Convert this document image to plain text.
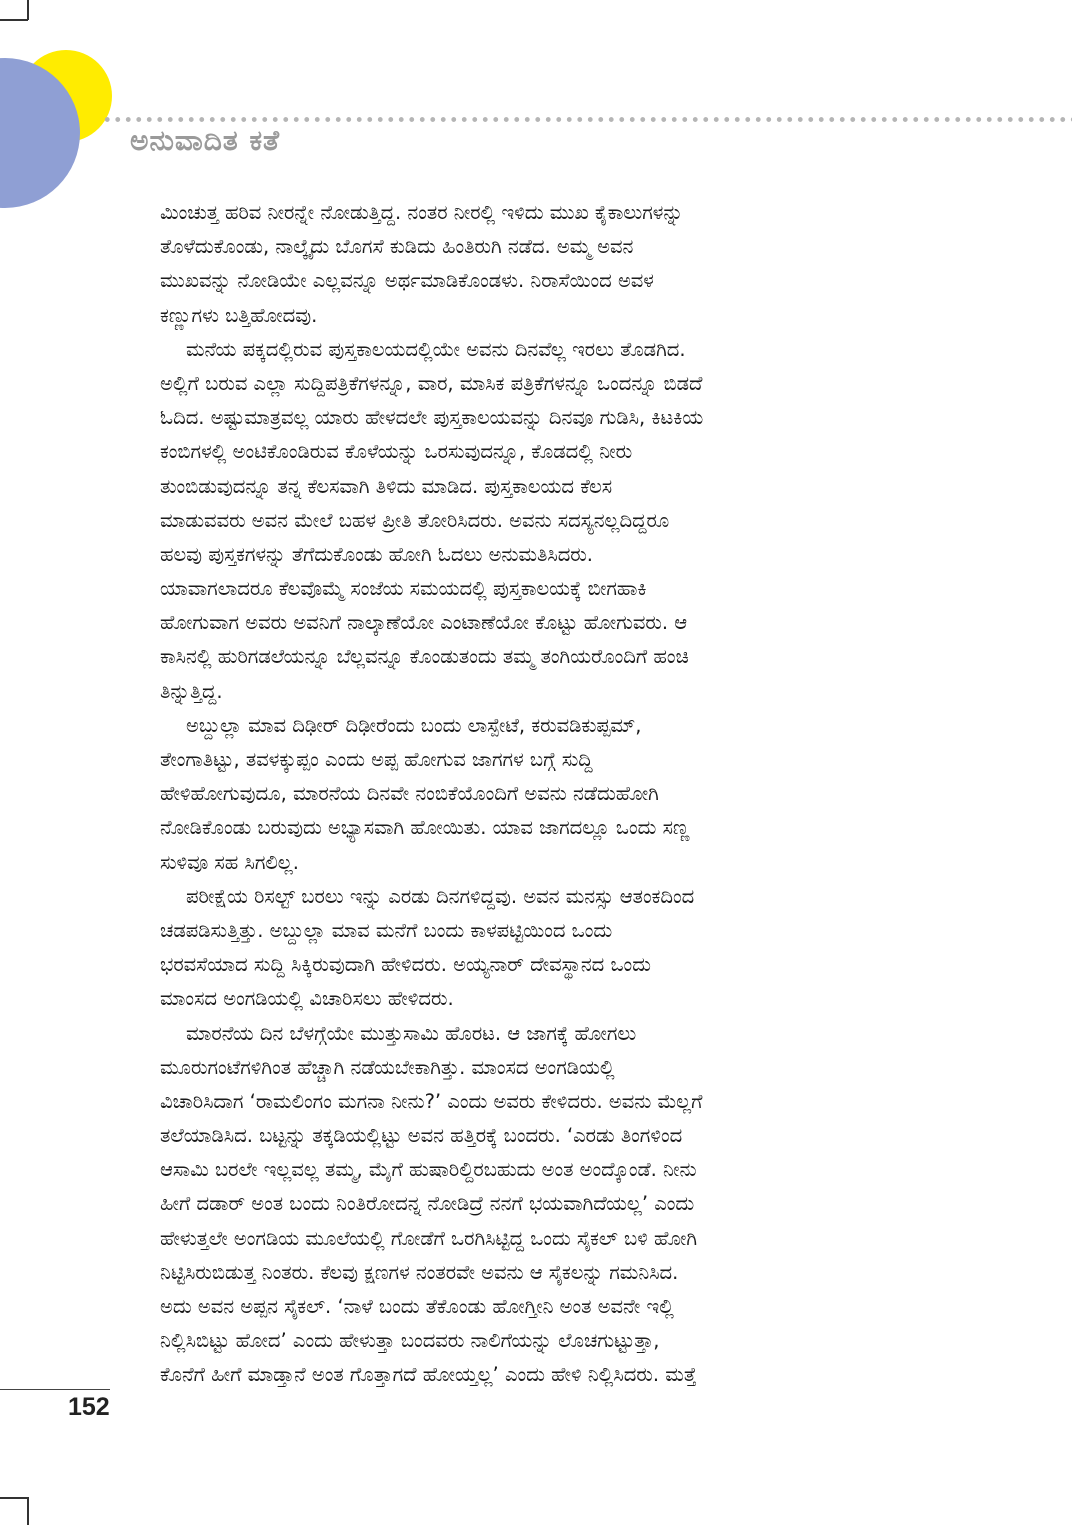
ಅನುವಾದಿತ ಕತೆ
ಮಿಂಚುತ್ತ ಹರಿವ ನೀರನ್ನೇ ನೋಡುತ್ತಿದ್ದ. ನಂತರ ನೀರಲ್ಲಿ ಇಳಿದು ಮುಖ ಕೈಕಾಲುಗಳನ್ನು
ತೊಳೆದುಕೊಂಡು, ನಾಲ್ಕೈದು ಬೊಗಸೆ ಕುಡಿದು ಹಿಂತಿರುಗಿ ನಡೆದ. ಅಮ್ಮ ಅವನ
ಮುಖವನ್ನು ನೋಡಿಯೇ ಎಲ್ಲವನ್ನೂ ಅರ್ಥಮಾಡಿಕೊಂಡಳು. ನಿರಾಸೆಯಿಂದ ಅವಳ
ಕಣ್ಣುಗಳು ಬತ್ತಿಹೋದವು.
ಮನೆಯ ಪಕ್ಕದಲ್ಲಿರುವ ಪುಸ್ತಕಾಲಯದಲ್ಲಿಯೇ ಅವನು ದಿನವೆಲ್ಲ ಇರಲು ತೊಡಗಿದ.
ಅಲ್ಲಿಗೆ ಬರುವ ಎಲ್ಲಾ ಸುದ್ದಿಪತ್ರಿಕೆಗಳನ್ನೂ, ವಾರ, ಮಾಸಿಕ ಪತ್ರಿಕೆಗಳನ್ನೂ ಒಂದನ್ನೂ ಬಿಡದೆ
ಓದಿದ. ಅಷ್ಟುಮಾತ್ರವಲ್ಲ ಯಾರು ಹೇಳದಲೇ ಪುಸ್ತಕಾಲಯವನ್ನು ದಿನವೂ ಗುಡಿಸಿ, ಕಿಟಕಿಯ
ಕಂಬಿಗಳಲ್ಲಿ ಅಂಟಿಕೊಂಡಿರುವ ಕೊಳೆಯನ್ನು ಒರಸುವುದನ್ನೂ, ಕೊಡದಲ್ಲಿ ನೀರು
ತುಂಬಿಡುವುದನ್ನೂ ತನ್ನ ಕೆಲಸವಾಗಿ ತಿಳಿದು ಮಾಡಿದ. ಪುಸ್ತಕಾಲಯದ ಕೆಲಸ
ಮಾಡುವವರು ಅವನ ಮೇಲೆ ಬಹಳ ಪ್ರೀತಿ ತೋರಿಸಿದರು. ಅವನು ಸದಸ್ಯನಲ್ಲದಿದ್ದರೂ
ಹಲವು ಪುಸ್ತಕಗಳನ್ನು ತೆಗೆದುಕೊಂಡು ಹೋಗಿ ಓದಲು ಅನುಮತಿಸಿದರು.
ಯಾವಾಗಲಾದರೂ ಕೆಲವೊಮ್ಮೆ ಸಂಜೆಯ ಸಮಯದಲ್ಲಿ ಪುಸ್ತಕಾಲಯಕ್ಕೆ ಬೀಗಹಾಕಿ
ಹೋಗುವಾಗ ಅವರು ಅವನಿಗೆ ನಾಲ್ಕಾಣೆಯೋ ಎಂಟಾಣೆಯೋ ಕೊಟ್ಟು ಹೋಗುವರು. ಆ
ಕಾಸಿನಲ್ಲಿ ಹುರಿಗಡಲೆಯನ್ನೂ ಬೆಲ್ಲವನ್ನೂ ಕೊಂಡುತಂದು ತಮ್ಮ ತಂಗಿಯರೊಂದಿಗೆ ಹಂಚಿ
ತಿನ್ನುತ್ತಿದ್ದ.
ಅಬ್ದುಲ್ಲಾ ಮಾವ ದಿಢೀರ್ ದಿಢೀರೆಂದು ಬಂದು ಲಾಸ್ಪೇಟೆ, ಕರುವಡಿಕುಪ್ಪಮ್,
ತೇಂಗಾತಿಟ್ಟು, ತವಳಕ್ಕುಪ್ಪಂ ಎಂದು ಅಪ್ಪ ಹೋಗುವ ಜಾಗಗಳ ಬಗ್ಗೆ ಸುದ್ದಿ
ಹೇಳಿಹೋಗುವುದೂ, ಮಾರನೆಯ ದಿನವೇ ನಂಬಿಕೆಯೊಂದಿಗೆ ಅವನು ನಡೆದುಹೋಗಿ
ನೋಡಿಕೊಂಡು ಬರುವುದು ಅಭ್ಯಾಸವಾಗಿ ಹೋಯಿತು. ಯಾವ ಜಾಗದಲ್ಲೂ ಒಂದು ಸಣ್ಣ
ಸುಳಿವೂ ಸಹ ಸಿಗಲಿಲ್ಲ.
ಪರೀಕ್ಷೆಯ ರಿಸಲ್ಟ್ ಬರಲು ಇನ್ನು ಎರಡು ದಿನಗಳಿದ್ದವು. ಅವನ ಮನಸ್ಸು ಆತಂಕದಿಂದ
ಚಡಪಡಿಸುತ್ತಿತ್ತು. ಅಬ್ದುಲ್ಲಾ ಮಾವ ಮನೆಗೆ ಬಂದು ಕಾಳಪಟ್ಟಿಯಿಂದ ಒಂದು
ಭರವಸೆಯಾದ ಸುದ್ದಿ ಸಿಕ್ಕಿರುವುದಾಗಿ ಹೇಳಿದರು. ಅಯ್ಯನಾರ್ ದೇವಸ್ಥಾನದ ಒಂದು
ಮಾಂಸದ ಅಂಗಡಿಯಲ್ಲಿ ವಿಚಾರಿಸಲು ಹೇಳಿದರು.
ಮಾರನೆಯ ದಿನ ಬೆಳಗ್ಗೆಯೇ ಮುತ್ತುಸಾಮಿ ಹೊರಟ. ಆ ಜಾಗಕ್ಕೆ ಹೋಗಲು
ಮೂರುಗಂಟೆಗಳಿಗಿಂತ ಹೆಚ್ಚಾಗಿ ನಡೆಯಬೇಕಾಗಿತ್ತು. ಮಾಂಸದ ಅಂಗಡಿಯಲ್ಲಿ
ವಿಚಾರಿಸಿದಾಗ ‘ರಾಮಲಿಂಗಂ ಮಗನಾ ನೀನು?’ ಎಂದು ಅವರು ಕೇಳಿದರು. ಅವನು ಮೆಲ್ಲಗೆ
ತಲೆಯಾಡಿಸಿದ. ಬಟ್ಟನ್ನು ತಕ್ಕಡಿಯಲ್ಲಿಟ್ಟು ಅವನ ಹತ್ತಿರಕ್ಕೆ ಬಂದರು. ‘ಎರಡು ತಿಂಗಳಿಂದ
ಆಸಾಮಿ ಬರಲೇ ಇಲ್ಲವಲ್ಲ ತಮ್ಮ, ಮೈಗೆ ಹುಷಾರಿಲ್ದಿರಬಹುದು ಅಂತ ಅಂದ್ಕೊಂಡೆ. ನೀನು
ಹೀಗೆ ದಡಾರ್ ಅಂತ ಬಂದು ನಿಂತಿರೋದನ್ನ ನೋಡಿದ್ರೆ ನನಗೆ ಭಯವಾಗಿದೆಯಲ್ಲ’ ಎಂದು
ಹೇಳುತ್ತಲೇ ಅಂಗಡಿಯ ಮೂಲೆಯಲ್ಲಿ ಗೋಡೆಗೆ ಒರಗಿಸಿಟ್ಟಿದ್ದ ಒಂದು ಸೈಕಲ್ ಬಳಿ ಹೋಗಿ
ನಿಟ್ಟಿಸಿರುಬಿಡುತ್ತ ನಿಂತರು. ಕೆಲವು ಕ್ಷಣಗಳ ನಂತರವೇ ಅವನು ಆ ಸೈಕಲನ್ನು ಗಮನಿಸಿದ.
ಅದು ಅವನ ಅಪ್ಪನ ಸೈಕಲ್. ‘ನಾಳೆ ಬಂದು ತೆಕೊಂಡು ಹೋಗ್ತೀನಿ ಅಂತ ಅವನೇ ಇಲ್ಲಿ
ನಿಲ್ಲಿಸಿಬಿಟ್ಟು ಹೋದ’ ಎಂದು ಹೇಳುತ್ತಾ ಬಂದವರು ನಾಲಿಗೆಯನ್ನು ಲೊಚಗುಟ್ಟುತ್ತಾ,
ಕೊನೆಗೆ ಹೀಗೆ ಮಾಡ್ತಾನೆ ಅಂತ ಗೊತ್ತಾಗದೆ ಹೋಯ್ತಲ್ಲ’ ಎಂದು ಹೇಳಿ ನಿಲ್ಲಿಸಿದರು. ಮತ್ತೆ
152
